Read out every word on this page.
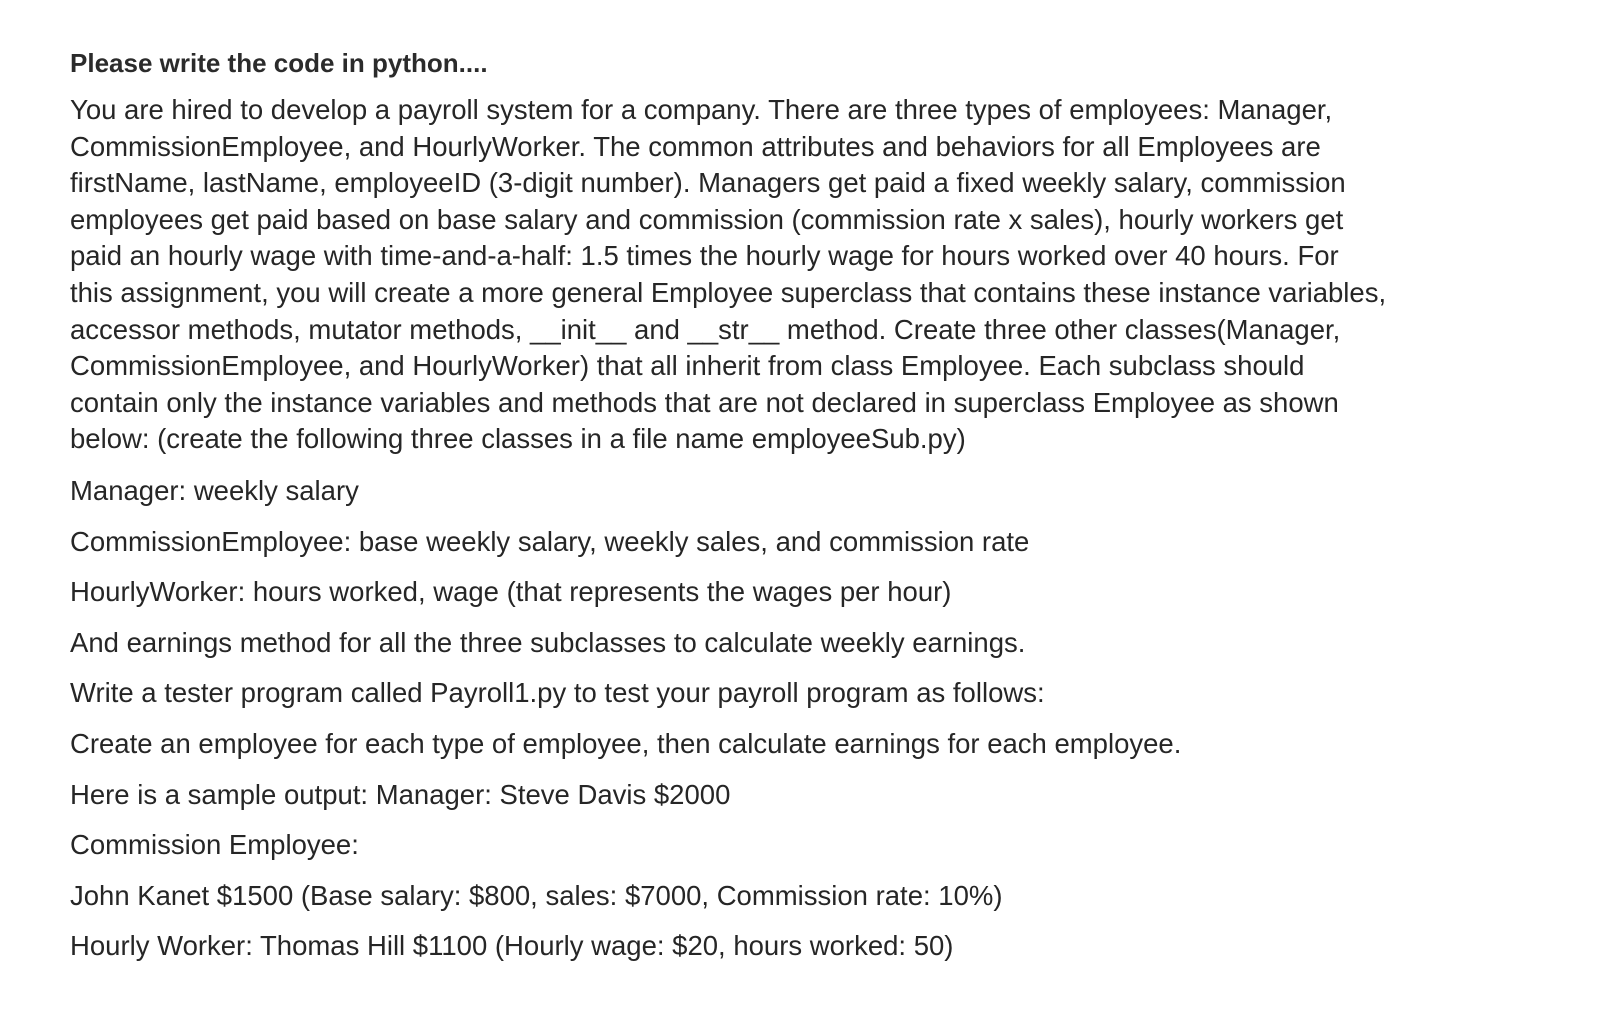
Please write the code in python....
You are hired to develop a payroll system for a company. There are three types of employees: Manager,
CommissionEmployee, and HourlyWorker. The common attributes and behaviors for all Employees are
firstName, lastName, employeeID (3-digit number). Managers get paid a fixed weekly salary, commission
employees get paid based on base salary and commission (commission rate x sales), hourly workers get
paid an hourly wage with time-and-a-half: 1.5 times the hourly wage for hours worked over 40 hours. For
this assignment, you will create a more general Employee superclass that contains these instance variables,
accessor methods, mutator methods, __init__ and __str__ method. Create three other classes(Manager,
CommissionEmployee, and HourlyWorker) that all inherit from class Employee. Each subclass should
contain only the instance variables and methods that are not declared in superclass Employee as shown
below: (create the following three classes in a file name employeeSub.py)
Manager: weekly salary
CommissionEmployee: base weekly salary, weekly sales, and commission rate
HourlyWorker: hours worked, wage (that represents the wages per hour)
And earnings method for all the three subclasses to calculate weekly earnings.
Write a tester program called Payroll1.py to test your payroll program as follows:
Create an employee for each type of employee, then calculate earnings for each employee.
Here is a sample output: Manager: Steve Davis $2000
Commission Employee:
John Kanet $1500 (Base salary: $800, sales: $7000, Commission rate: 10%)
Hourly Worker: Thomas Hill $1100 (Hourly wage: $20, hours worked: 50)
